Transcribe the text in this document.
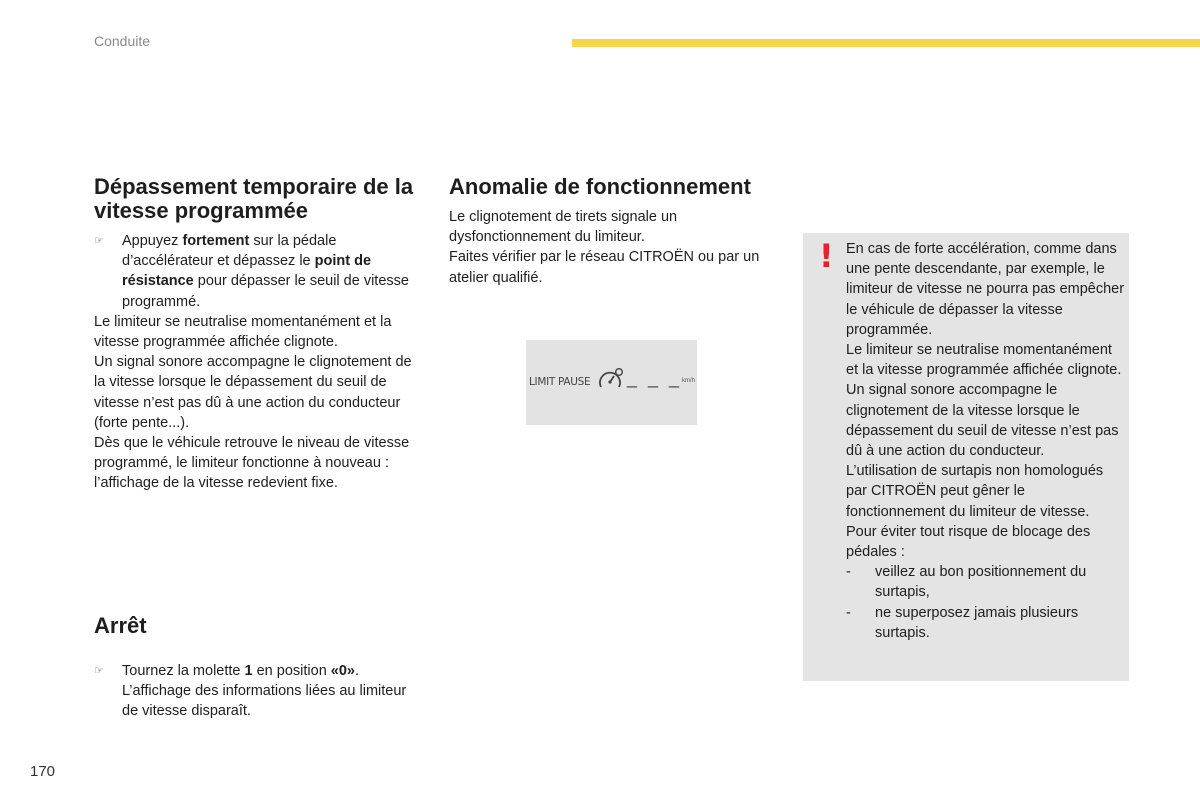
Conduite
Dépassement temporaire de la vitesse programmée
☞	Appuyez fortement sur la pédale d’accélérateur et dépassez le point de résistance pour dépasser le seuil de vitesse programmé.

Le limiteur se neutralise momentanément et la vitesse programmée affichée clignote.

Un signal sonore accompagne le clignotement de la vitesse lorsque le dépassement du seuil de vitesse n’est pas dû à une action du conducteur (forte pente...).

Dès que le véhicule retrouve le niveau de vitesse programmé, le limiteur fonctionne à nouveau : l’affichage de la vitesse redevient fixe.

Arrêt
☞	Tournez la molette 1 en position «0». L’affichage des informations liées au limiteur de vitesse disparaît.
Anomalie de fonctionnement

Le clignotement de tirets signale un dysfonctionnement du limiteur.

Faites vérifier par le réseau CITROËN ou par un atelier qualifié.

LIMIT PAUSE _ _ _ km/h
! En cas de forte accélération, comme dans une pente descendante, par exemple, le limiteur de vitesse ne pourra pas empêcher le véhicule de dépasser la vitesse programmée.

Le limiteur se neutralise momentanément et la vitesse programmée affichée clignote.

Un signal sonore accompagne le clignotement de la vitesse lorsque le dépassement du seuil de vitesse n’est pas dû à une action du conducteur.

L’utilisation de surtapis non homologués par CITROËN peut gêner le fonctionnement du limiteur de vitesse.

Pour éviter tout risque de blocage des pédales :

-	veillez au bon positionnement du surtapis,
-	ne superposez jamais plusieurs surtapis.
170
